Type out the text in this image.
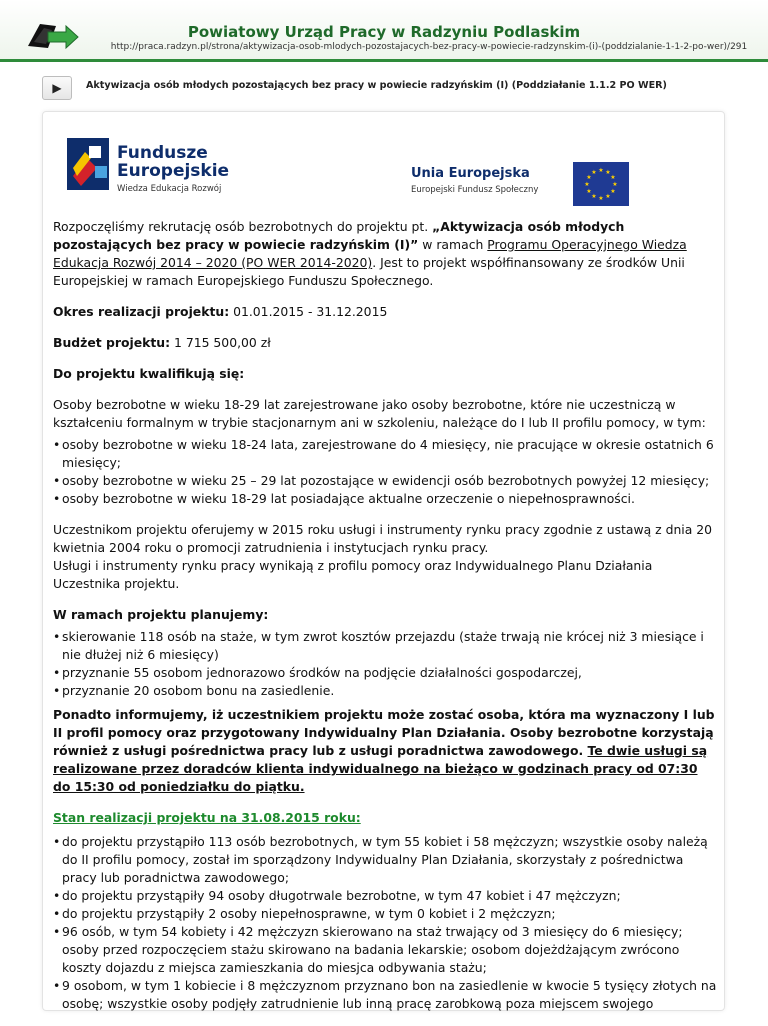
Powiatowy Urząd Pracy w Radzyniu Podlaskim
http://praca.radzyn.pl/strona/aktywizacja-osob-mlodych-pozostajacych-bez-pracy-w-powiecie-radzynskim-(i)-(poddzialanie-1-1-2-po-wer)/291
▶	Aktywizacja osób młodych pozostających bez pracy w powiecie radzyńskim (I) (Poddziałanie 1.1.2 PO WER)
Fundusze
Europejskie
Wiedza Edukacja Rozwój
Unia Europejska
Europejski Fundusz Społeczny
★ ★
★
★
★
★
★
★
★
★
★
★

Rozpoczęliśmy rekrutację osób bezrobotnych do projektu pt. „Aktywizacja osób młodych pozostających bez pracy w powiecie radzyńskim (I)” w ramach Programu Operacyjnego Wiedza Edukacja Rozwój 2014 – 2020 (PO WER 2014-2020). Jest to projekt współfinansowany ze środków Unii Europejskiej w ramach Europejskiego Funduszu Społecznego.

Okres realizacji projektu: 01.01.2015 - 31.12.2015

Budżet projektu: 1 715 500,00 zł

Do projektu kwalifikują się:

Osoby bezrobotne w wieku 18-29 lat zarejestrowane jako osoby bezrobotne, które nie uczestniczą w kształceniu formalnym w trybie stacjonarnym ani w szkoleniu, należące do I lub II profilu pomocy, w tym:

• osoby bezrobotne w wieku 18-24 lata, zarejestrowane do 4 miesięcy, nie pracujące w okresie ostatnich 6 miesięcy;
• osoby bezrobotne w wieku 25 – 29 lat pozostające w ewidencji osób bezrobotnych powyżej 12 miesięcy;
• osoby bezrobotne w wieku 18-29 lat posiadające aktualne orzeczenie o niepełnosprawności.

Uczestnikom projektu oferujemy w 2015 roku usługi i instrumenty rynku pracy zgodnie z ustawą z dnia 20 kwietnia 2004 roku o promocji zatrudnienia i instytucjach rynku pracy.
Usługi i instrumenty rynku pracy wynikają z profilu pomocy oraz Indywidualnego Planu Działania Uczestnika projektu.

W ramach projektu planujemy:

• skierowanie 118 osób na staże, w tym zwrot kosztów przejazdu (staże trwają nie krócej niż 3 miesiące i nie dłużej niż 6 miesięcy)
• przyznanie 55 osobom jednorazowo środków na podjęcie działalności gospodarczej,
• przyznanie 20 osobom bonu na zasiedlenie.

Ponadto informujemy, iż uczestnikiem projektu może zostać osoba, która ma wyznaczony I lub II profil pomocy oraz przygotowany Indywidualny Plan Działania. Osoby bezrobotne korzystają również z usługi pośrednictwa pracy lub z usługi poradnictwa zawodowego. Te dwie usługi są realizowane przez doradców klienta indywidualnego na bieżąco w godzinach pracy od 07:30 do 15:30 od poniedziałku do piątku.

Stan realizacji projektu na 31.08.2015 roku:

• do projektu przystąpiło 113 osób bezrobotnych, w tym 55 kobiet i 58 mężczyzn; wszystkie osoby należą do II profilu pomocy, został im sporządzony Indywidualny Plan Działania, skorzystały z pośrednictwa pracy lub poradnictwa zawodowego;
• do projektu przystąpiły 94 osoby długotrwale bezrobotne, w tym 47 kobiet i 47 mężczyzn;
• do projektu przystąpiły 2 osoby niepełnosprawne, w tym 0 kobiet i 2 mężczyzn;
• 96 osób, w tym 54 kobiety i 42 mężczyzn skierowano na staż trwający od 3 miesięcy do 6 miesięcy; osoby przed rozpoczęciem stażu skirowano na badania lekarskie; osobom dojeżdżającym zwrócono koszty dojazdu z miejsca zamieszkania do miesjca odbywania stażu;
• 9 osobom, w tym 1 kobiecie i 8 mężczyznom przyznano bon na zasiedlenie w kwocie 5 tysięcy złotych na osobę; wszystkie osoby podjęły zatrudnienie lub inną pracę zarobkową poza miejscem swojego
